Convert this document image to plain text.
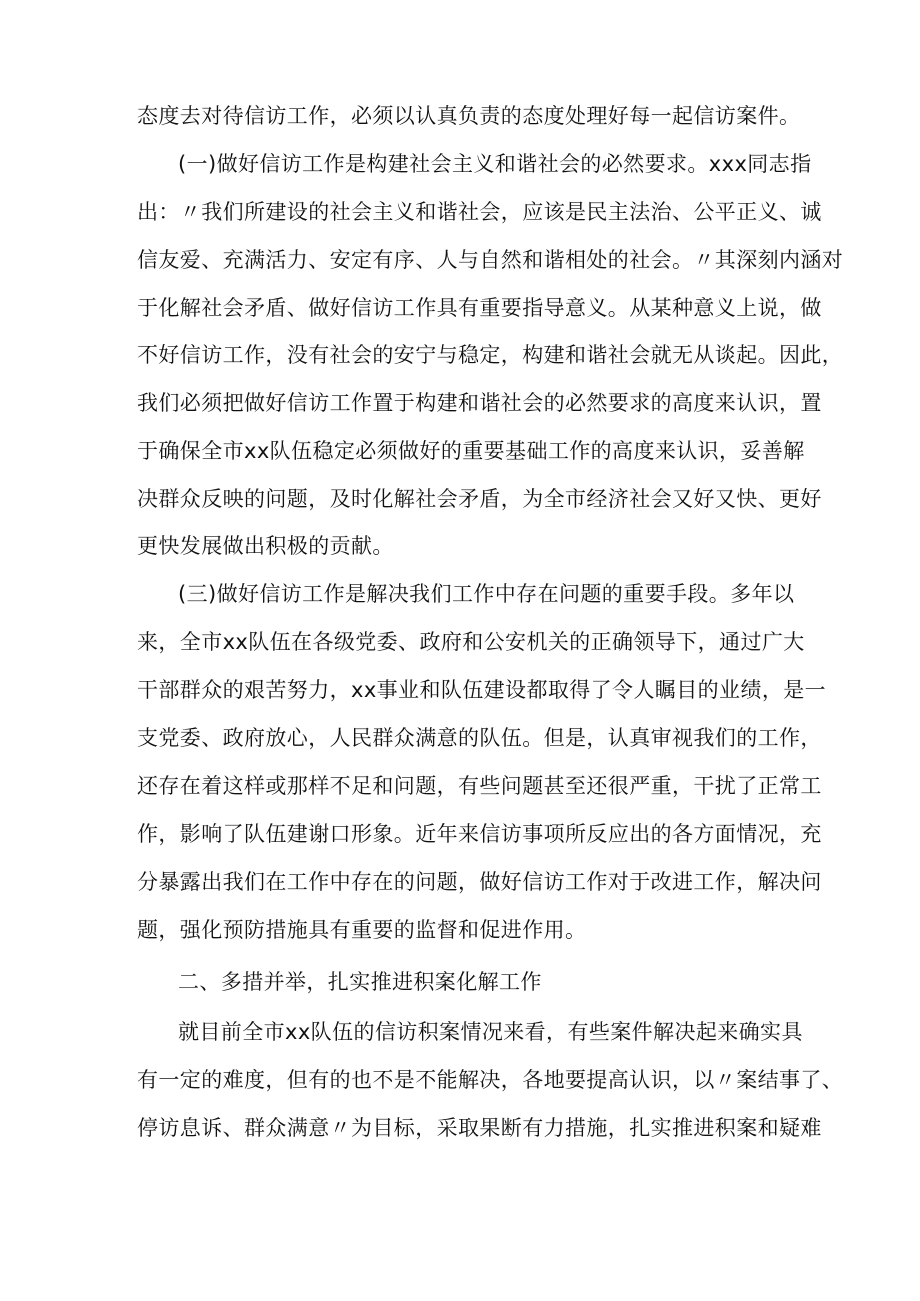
态度去对待信访工作，必须以认真负责的态度处理好每一起信访案件。
(一)做好信访工作是构建社会主义和谐社会的必然要求。xxx同志指
出：〃我们所建设的社会主义和谐社会，应该是民主法治、公平正义、诚
信友爱、充满活力、安定有序、人与自然和谐相处的社会。〃其深刻内涵对
于化解社会矛盾、做好信访工作具有重要指导意义。从某种意义上说，做
不好信访工作，没有社会的安宁与稳定，构建和谐社会就无从谈起。因此，
我们必须把做好信访工作置于构建和谐社会的必然要求的高度来认识，置
于确保全市xx队伍稳定必须做好的重要基础工作的高度来认识，妥善解
决群众反映的问题，及时化解社会矛盾，为全市经济社会又好又快、更好
更快发展做出积极的贡献。
(三)做好信访工作是解决我们工作中存在问题的重要手段。多年以
来，全市xx队伍在各级党委、政府和公安机关的正确领导下，通过广大
干部群众的艰苦努力，xx事业和队伍建设都取得了令人瞩目的业绩，是一
支党委、政府放心，人民群众满意的队伍。但是，认真审视我们的工作，
还存在着这样或那样不足和问题，有些问题甚至还很严重，干扰了正常工
作，影响了队伍建谢口形象。近年来信访事项所反应出的各方面情况，充
分暴露出我们在工作中存在的问题，做好信访工作对于改进工作，解决问
题，强化预防措施具有重要的监督和促进作用。
二、多措并举，扎实推进积案化解工作
就目前全市xx队伍的信访积案情况来看，有些案件解决起来确实具
有一定的难度，但有的也不是不能解决，各地要提高认识，以〃案结事了、
停访息诉、群众满意〃为目标，采取果断有力措施，扎实推进积案和疑难
